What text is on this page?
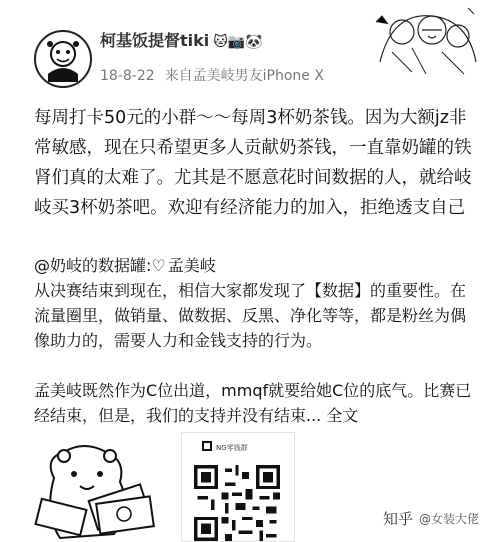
柯基饭提督tiki 🐱📷🐼
18-8-22 来自孟美岐男友iPhone X
每周打卡50元的小群～～每周3杯奶茶钱。因为大额jz非常敏感，现在只希望更多人贡献奶茶钱，一直靠奶罐的铁肾们真的太难了。尤其是不愿意花时间数据的人，就给岐岐买3杯奶茶吧。欢迎有经济能力的加入，拒绝透支自己
@奶岐的数据罐:♡ 孟美岐
从决赛结束到现在，相信大家都发现了【数据】的重要性。在流量圈里，做销量、做数据、反黑、净化等等，都是粉丝为偶像助力的，需要人力和金钱支持的行为。
孟美岐既然作为C位出道，mmqf就要给她C位的底气。比赛已经结束，但是，我们的支持并没有结束... 全文
NG零钱群
知乎 @女装大佬
